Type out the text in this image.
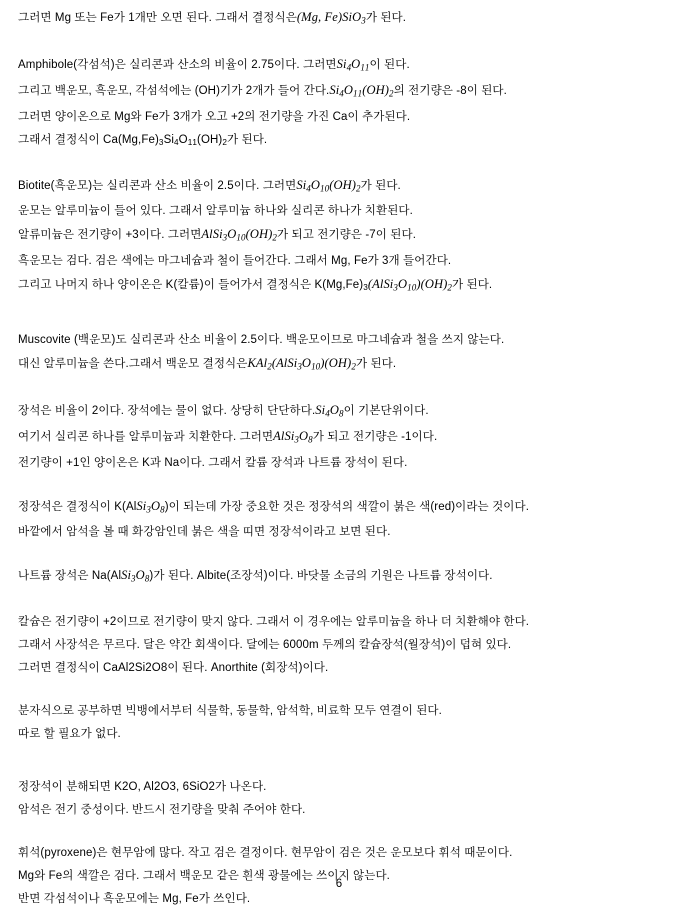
그러면 Mg 또는 Fe가 1개만 오면 된다. 그래서 결정식은(Mg, Fe)SiO$_3$가 된다.
Amphibole(각섬석)은 실리콘과 산소의 비율이 2.75이다. 그러면$Si_4O_{11}$이 된다.
그리고 백운모, 흑운모, 각섬석에는 (OH)기가 2개가 들어 간다$.Si_4O_{11}(OH)_2$의 전기량은 -8이 된다.
그러면 양이온으로 Mg와 Fe가 3개가 오고 +2의 전기량을 가진 Ca이 추가된다.
그래서 결정식이 $Ca(Mg,Fe)_3Si_4O_{11}(OH)_2$가 된다.
Biotite(흑운모)는 실리콘과 산소 비율이 2.5이다. 그러면$Si_4O_{10}(OH)_2$가 된다.
운모는 알루미늄이 들어 있다. 그래서 알루미늄 하나와 실리콘 하나가 치환된다.
알류미늄은 전기량이 +3이다. 그러면$AlSi_3O_{10}(OH)_2$가 되고 전기량은 -7이 된다.
흑운모는 검다. 검은 색에는 마그네슘과 철이 들어간다. 그래서 Mg, Fe가 3개 들어간다.
그리고 나머지 하나 양이온은 K(칼륨)이 들어가서 결정식은 $K(Mg,Fe)_3(AlSi_3O_{10})(OH)_2$가 된다.
Muscovite (백운모)도 실리콘과 산소 비율이 2.5이다. 백운모이므로 마그네슘과 철을 쓰지 않는다.
대신 알루미늄을 쓴다.그래서 백운모 결정식은$KAl_2(AlSi_3O_{10})(OH)_2$가 된다.
장석은 비율이 2이다. 장석에는 물이 없다. 상당히 단단하다$.Si_4O_8$이 기본단위이다.
여기서 실리콘 하나를 알루미늄과 치환한다. 그러면$AlSi_3O_8$가 되고 전기량은 -1이다.
전기량이 +1인 양이온은 K과 Na이다. 그래서 칼륨 장석과 나트륨 장석이 된다.
정장석은 결정식이 $K(AlSi_3O_8)$이 되는데 가장 중요한 것은 정장석의 색깔이 붉은 색(red)이라는 것이다.
바깥에서 암석을 볼 때 화강암인데 붉은 색을 띠면 정장석이라고 보면 된다.
나트륨 장석은 $Na(AlSi_3O_8)$가 된다. Albite(조장석)이다. 바닷물 소금의 기원은 나트륨 장석이다.
칼슘은 전기량이 +2이므로 전기량이 맞지 않다. 그래서 이 경우에는 알루미늄을 하나 더 치환해야 한다.
그래서 사장석은 무르다. 달은 약간 회색이다. 달에는 6000m 두께의 칼슘장석(월장석)이 덥혀 있다.
그러면 결정식이 CaAl2Si2O8이 된다. Anorthite (회장석)이다.
분자식으로 공부하면 빅뱅에서부터 식물학, 동물학, 암석학, 비료학 모두 연결이 된다.
따로 할 필요가 없다.
정장석이 분해되면 K2O, Al2O3, 6SiO2가 나온다.
암석은 전기 중성이다. 반드시 전기량을 맞춰 주어야 한다.
휘석(pyroxene)은 현무암에 많다. 작고 검은 결정이다. 현무암이 검은 것은 운모보다 휘석 때문이다.
Mg와 Fe의 색깔은 검다. 그래서 백운모 같은 흰색 광물에는 쓰이지 않는다.
반면 각섬석이나 흑운모에는 Mg, Fe가 쓰인다.
6
